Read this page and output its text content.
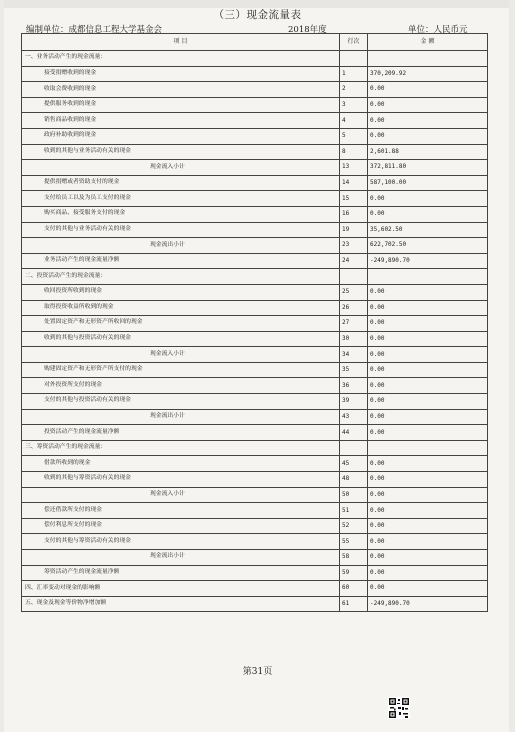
（三）现金流量表
编制单位：成都信息工程大学基金会	2018年度	单位：人民币元
项 目	行次	金 额
一、业务活动产生的现金流量：		
接受捐赠收到的现金	1	370,209.92
收取会费收到的现金	2	0.00
提供服务收到的现金	3	0.00
销售商品收到的现金	4	0.00
政府补助收到的现金	5	0.00
收到的其他与业务活动有关的现金	8	2,601.88
现金流入小计	13	372,811.80
提供捐赠或者资助支付的现金	14	587,100.00
支付给员工以及为员工支付的现金	15	0.00
购买商品、接受服务支付的现金	16	0.00
支付的其他与业务活动有关的现金	19	35,602.50
现金流出小计	23	622,702.50
业务活动产生的现金流量净额	24	-249,890.70
二、投资活动产生的现金流量：		
收回投资所收到的现金	25	0.00
取得投资收益所收到的现金	26	0.00
处置固定资产和无形资产所收回的现金	27	0.00
收到的其他与投资活动有关的现金	30	0.00
现金流入小计	34	0.00
购建固定资产和无形资产所支付的现金	35	0.00
对外投资所支付的现金	36	0.00
支付的其他与投资活动有关的现金	39	0.00
现金流出小计	43	0.00
投资活动产生的现金流量净额	44	0.00
三、筹资活动产生的现金流量：		
借款所收到的现金	45	0.00
收到的其他与筹资活动有关的现金	48	0.00
现金流入小计	50	0.00
偿还借款所支付的现金	51	0.00
偿付利息所支付的现金	52	0.00
支付的其他与筹资活动有关的现金	55	0.00
现金流出小计	58	0.00
筹资活动产生的现金流量净额	59	0.00
四、汇率变动对现金的影响额	60	0.00
五、现金及现金等价物净增加额	61	-249,890.70
第31页
